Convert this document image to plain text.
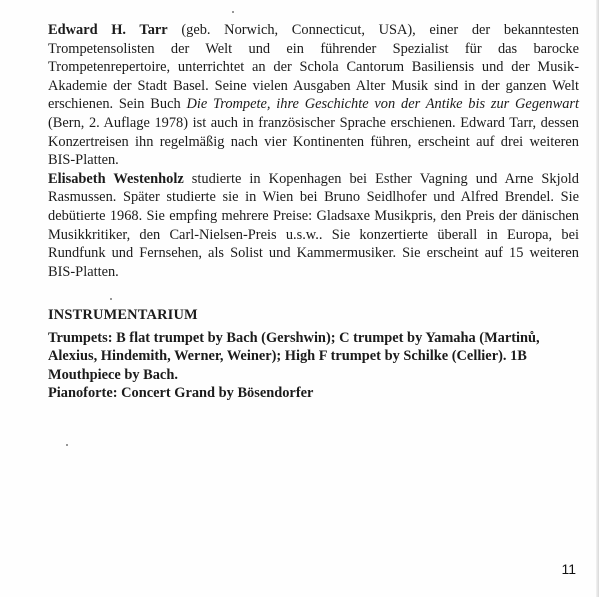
Edward H. Tarr (geb. Norwich, Connecticut, USA), einer der bekanntesten Trompetensolisten der Welt und ein führender Spezialist für das barocke Trompetenrepertoire, unterrichtet an der Schola Cantorum Basiliensis und der Musik-Akademie der Stadt Basel. Seine vielen Ausgaben Alter Musik sind in der ganzen Welt erschienen. Sein Buch Die Trompete, ihre Geschichte von der Antike bis zur Gegenwart (Bern, 2. Auflage 1978) ist auch in französischer Sprache erschienen. Edward Tarr, dessen Konzertreisen ihn regelmäßig nach vier Kontinenten führen, erscheint auf drei weiteren BIS-Platten.

Elisabeth Westenholz studierte in Kopenhagen bei Esther Vagning und Arne Skjold Rasmussen. Später studierte sie in Wien bei Bruno Seidlhofer und Alfred Brendel. Sie debütierte 1968. Sie empfing mehrere Preise: Gladsaxe Musikpris, den Preis der dänischen Musikkritiker, den Carl-Nielsen-Preis u.s.w.. Sie konzertierte überall in Europa, bei Rundfunk und Fernsehen, als Solist und Kammermusiker. Sie erscheint auf 15 weiteren BIS-Platten.

INSTRUMENTARIUM

Trumpets: B flat trumpet by Bach (Gershwin); C trumpet by Yamaha (Martinů, Alexius, Hindemith, Werner, Weiner); High F trumpet by Schilke (Cellier). 1B Mouthpiece by Bach.

Pianoforte: Concert Grand by Bösendorfer

11
